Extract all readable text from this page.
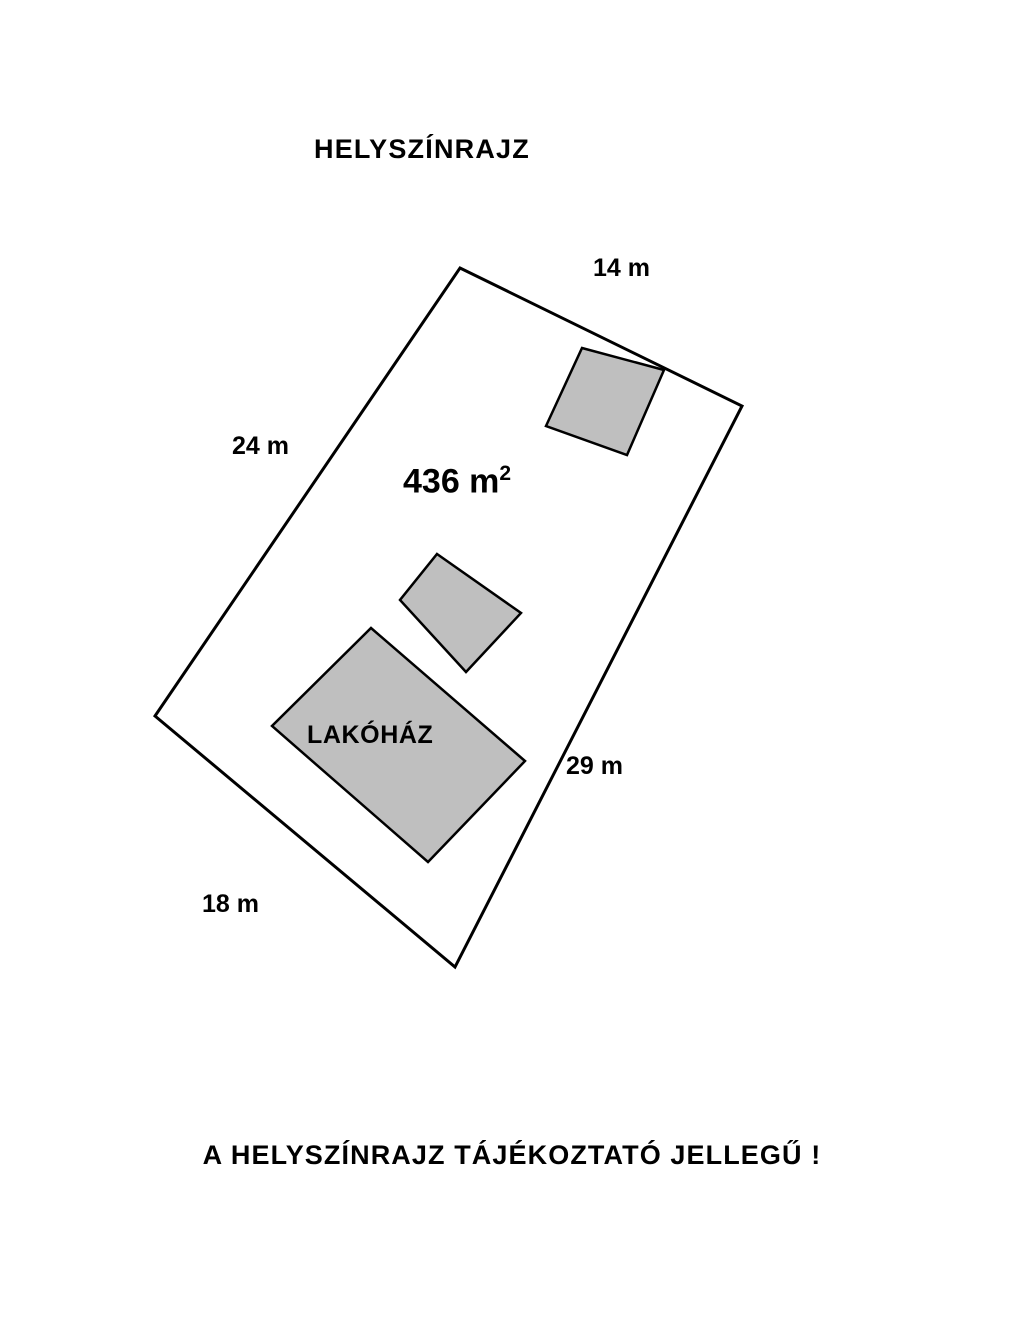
HELYSZÍNRAJZ
436 $m^2$
14 m
24 m
29 m
18 m
LAKÓHÁZ
A HELYSZÍNRAJZ TÁJÉKOZTATÓ JELLEGŰ !
